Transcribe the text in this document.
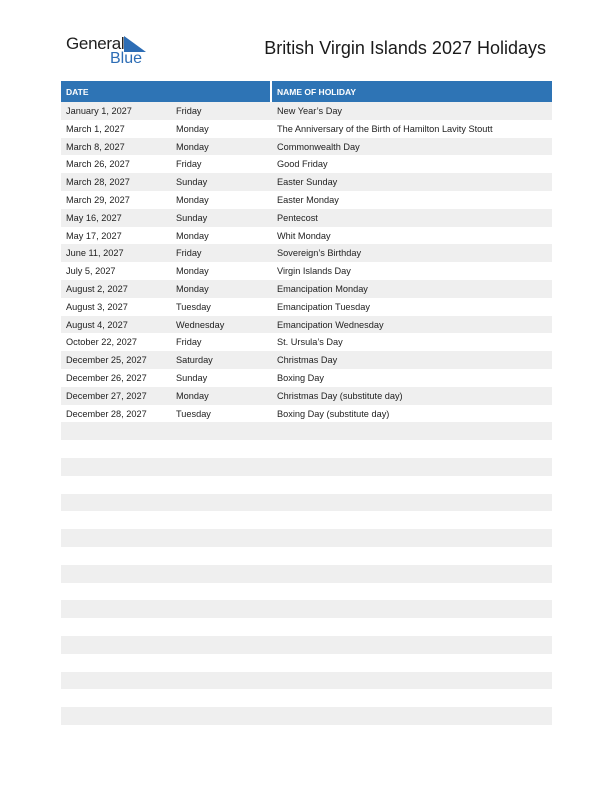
General
Blue
British Virgin Islands 2027 Holidays
DATE	NAME OF HOLIDAY
January 1, 2027	Friday	New Year’s Day
March 1, 2027	Monday	The Anniversary of the Birth of Hamilton Lavity Stoutt
March 8, 2027	Monday	Commonwealth Day
March 26, 2027	Friday	Good Friday
March 28, 2027	Sunday	Easter Sunday
March 29, 2027	Monday	Easter Monday
May 16, 2027	Sunday	Pentecost
May 17, 2027	Monday	Whit Monday
June 11, 2027	Friday	Sovereign’s Birthday
July 5, 2027	Monday	Virgin Islands Day
August 2, 2027	Monday	Emancipation Monday
August 3, 2027	Tuesday	Emancipation Tuesday
August 4, 2027	Wednesday	Emancipation Wednesday
October 22, 2027	Friday	St. Ursula’s Day
December 25, 2027	Saturday	Christmas Day
December 26, 2027	Sunday	Boxing Day
December 27, 2027	Monday	Christmas Day (substitute day)
December 28, 2027	Tuesday	Boxing Day (substitute day)
